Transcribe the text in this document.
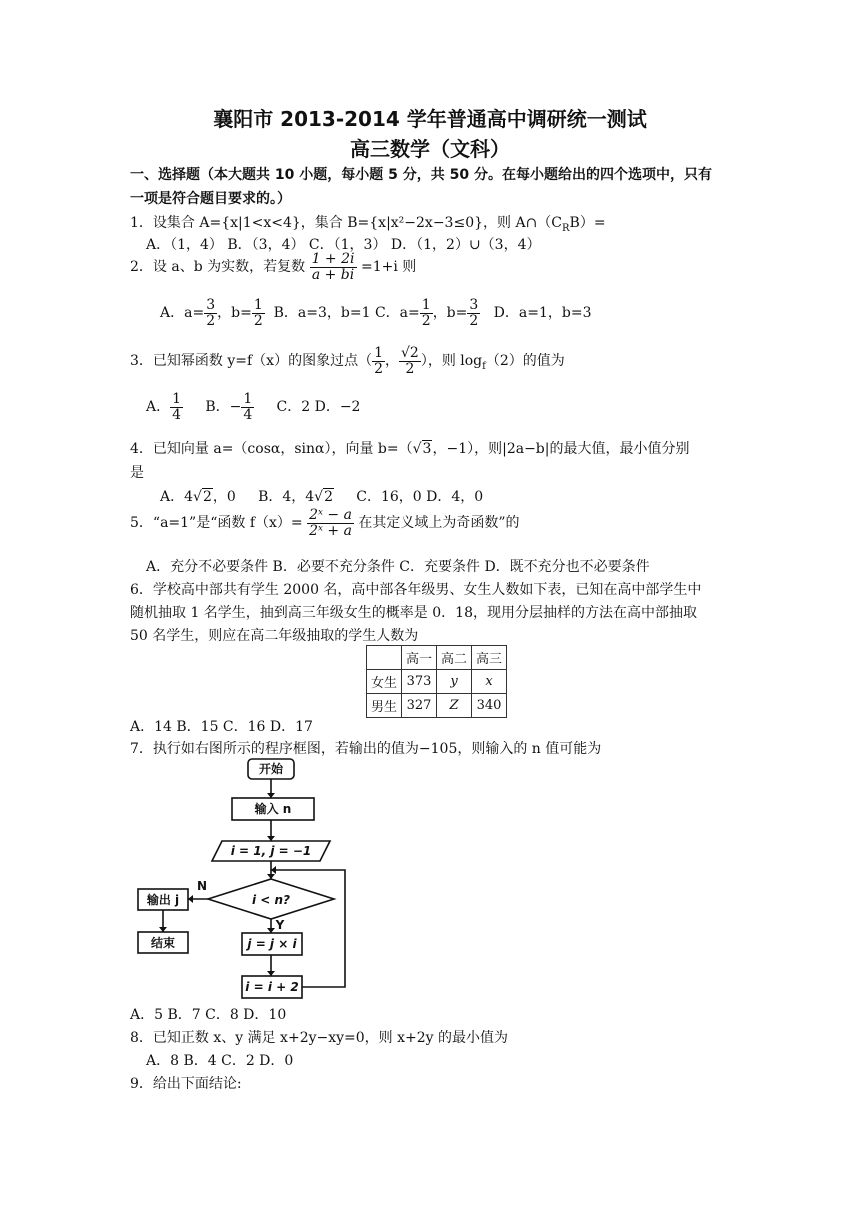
襄阳市 2013-2014 学年普通高中调研统一测试
高三数学（文科）
一、选择题（本大题共 10 小题，每小题 5 分，共 50 分。在每小题给出的四个选项中，只有
一项是符合题目要求的。）
1．设集合 A={x|1<x<4}，集合 B={x|x²−2x−3≤0}，则 $A\cap(C_RB)=$
A．（1，4） B．（3，4） C．（1，3） D．（1，2）∪（3，4）
2．设 a、b 为实数，若复数 $\frac{1 + 2i}{a + bi} =1+i$ 则
A．$a= \frac{3}{2}$ ，$b= \frac{1}{2}$ B．a=3，b=1 C．$a= \frac{1}{2}$ ，$b= \frac{3}{2}$ D．a=1，b=3
3．已知幂函数 y=f（x）的图象过点（ $\frac{1}{2}$ ， $\frac{√2}{2}$ ），则 $\log_f(2)$的值为
A． $\frac{1}{4}$ B．− $\frac{1}{4}$ C．2 D．−2
4．已知向量 a=（cosα，sinα），向量 b=（√3，−1），则|2a−b|的最大值，最小值分别
是
A．4√2，0 B．4，4√2 C．16，0 D．4，0
5．“a=1”是“函数 $f(x)= \frac{\text{2ˣ − a}}{\text{2ˣ + a}}$ 在其定义域上为奇函数”的
A．充分不必要条件 B．必要不充分条件 C．充要条件 D．既不充分也不必要条件
6．学校高中部共有学生 2000 名，高中部各年级男、女生人数如下表，已知在高中部学生中
随机抽取 1 名学生，抽到高三年级女生的概率是 0．18，现用分层抽样的方法在高中部抽取
50 名学生，则应在高二年级抽取的学生人数为
	高一	高二	高三
女生	373	y	x
男生	327	Z	340
A．14 B．15 C．16 D．17
7．执行如右图所示的程序框图，若输出的值为−105，则输入的 n 值可能为
开始
输入 n
i = 1, j = −1
i < n?
Y
N
输出 j
结束	j = j × i
i = i + 2
A．5 B．7 C．8 D．10
8．已知正数 x、y 满足 x+2y−xy=0，则 x+2y 的最小值为
A．8 B．4 C．2 D．0
9．给出下面结论:
